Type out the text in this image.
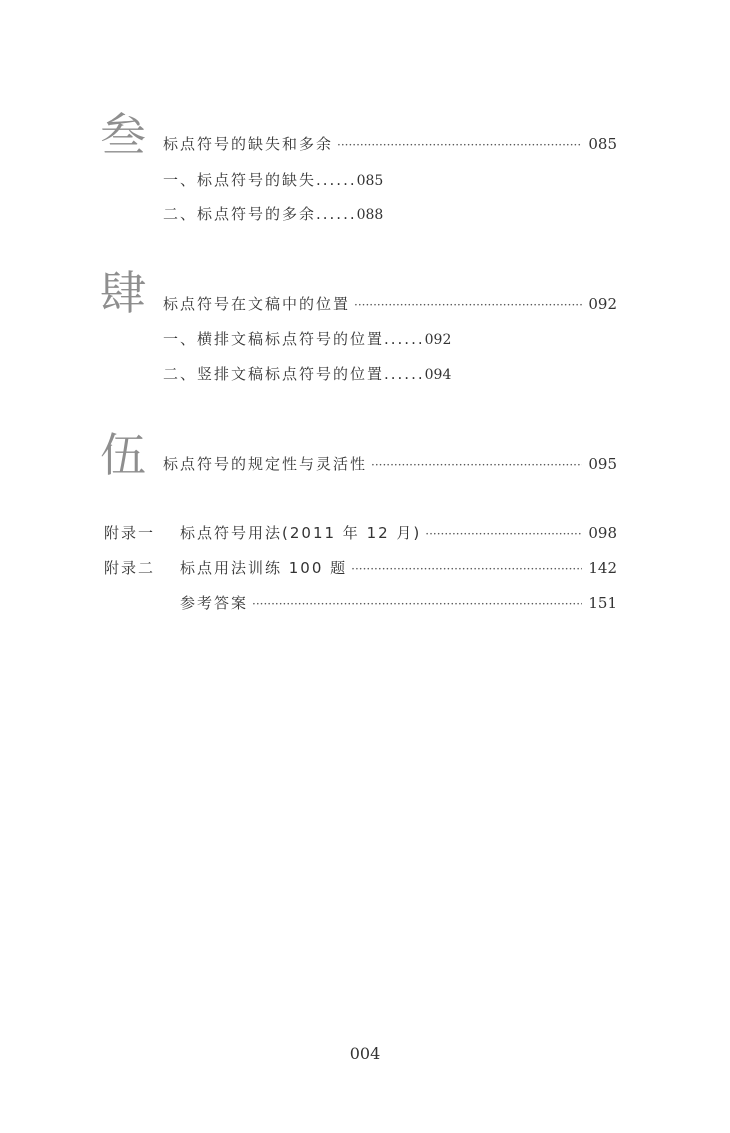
叁 标点符号的缺失和多余 ·····	085
一、标点符号的缺失......085
二、标点符号的多余......088
肆 标点符号在文稿中的位置 ·····	092
一、横排文稿标点符号的位置......092
二、竖排文稿标点符号的位置......094
伍 标点符号的规定性与灵活性 ·····	095
附录一 标点符号用法(2011 年 12 月) ·····	098
附录二 标点用法训练 100 题 ·····	142
参考答案 ·····	151
004
